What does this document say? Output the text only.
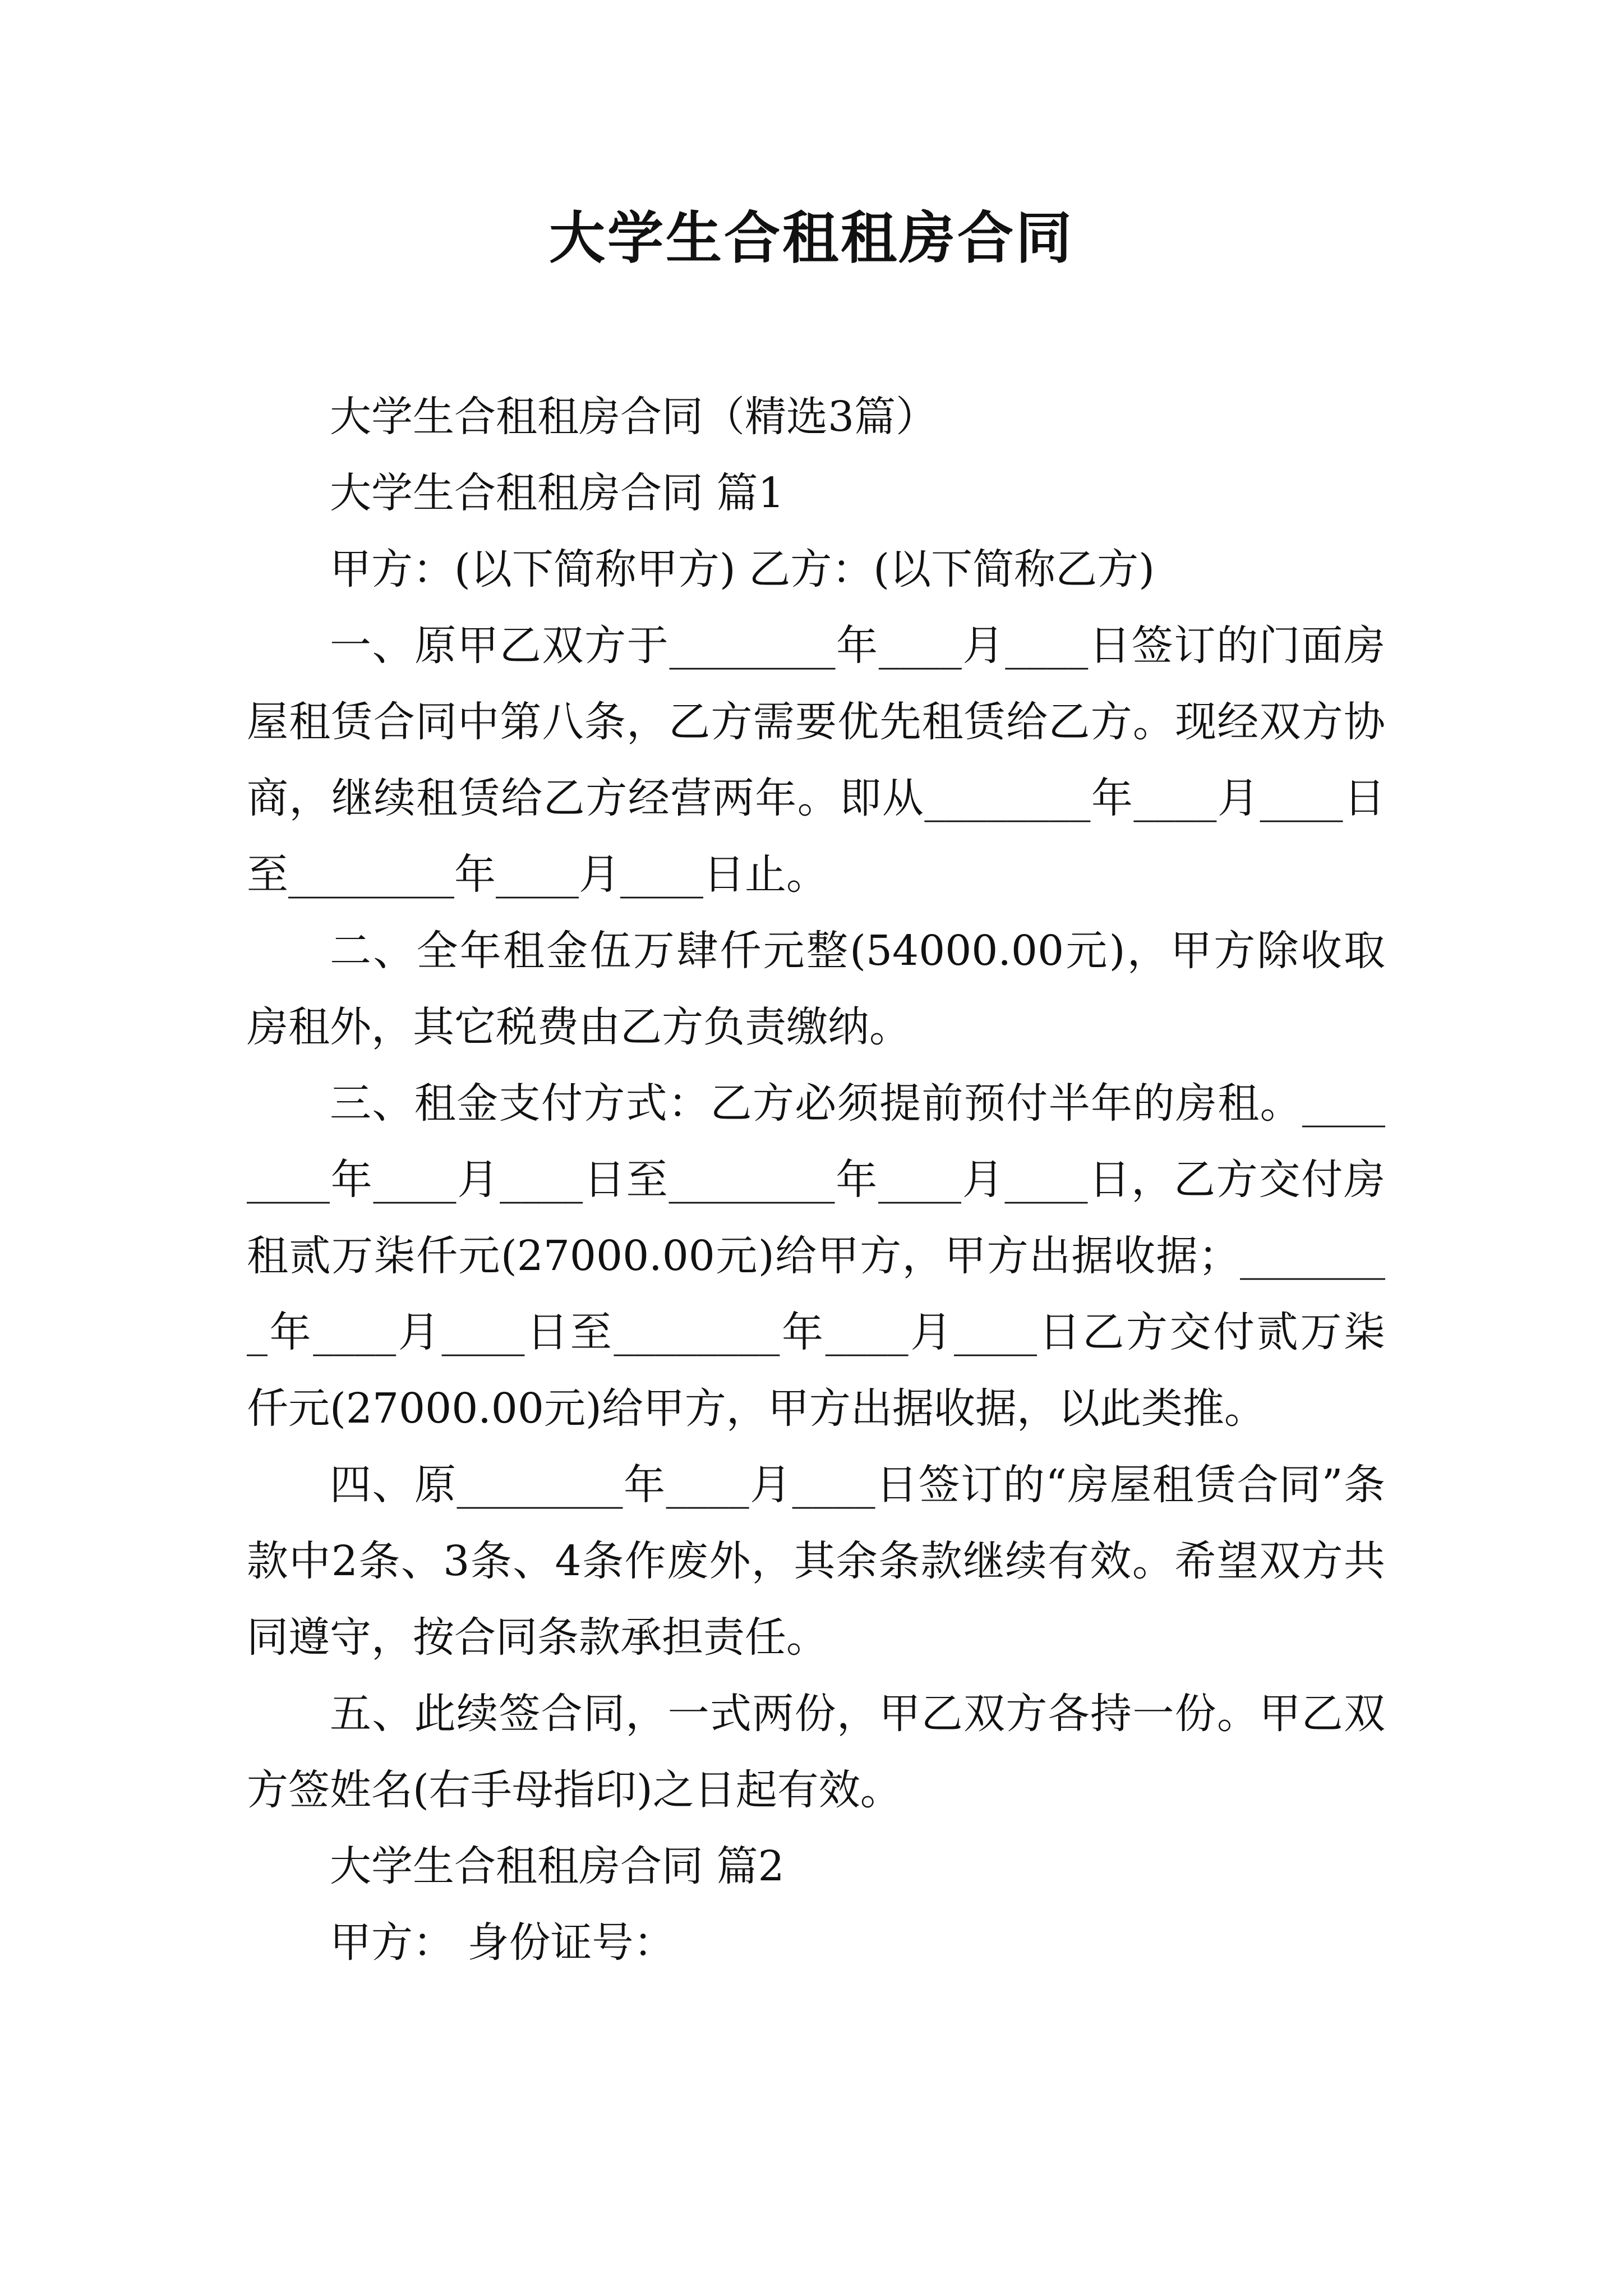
大学生合租租房合同

大学生合租租房合同（精选3篇）

大学生合租租房合同 篇1

甲方：(以下简称甲方) 乙方：(以下简称乙方)

一、原甲乙双方于________年____月____日签订的门面房屋租赁合同中第八条，乙方需要优先租赁给乙方。现经双方协商，继续租赁给乙方经营两年。即从________年____月____日至________年____月____日止。

二、全年租金伍万肆仟元整(54000.00元)，甲方除收取房租外，其它税费由乙方负责缴纳。

三、租金支付方式：乙方必须提前预付半年的房租。________年____月____日至________年____月____日，乙方交付房租贰万柒仟元(27000.00元)给甲方，甲方出据收据；________年____月____日至________年____月____日乙方交付贰万柒仟元(27000.00元)给甲方，甲方出据收据，以此类推。

四、原________年____月____日签订的“房屋租赁合同”条款中2条、3条、4条作废外，其余条款继续有效。希望双方共同遵守，按合同条款承担责任。

五、此续签合同，一式两份，甲乙双方各持一份。甲乙双方签姓名(右手母指印)之日起有效。

大学生合租租房合同 篇2

甲方： 身份证号：
